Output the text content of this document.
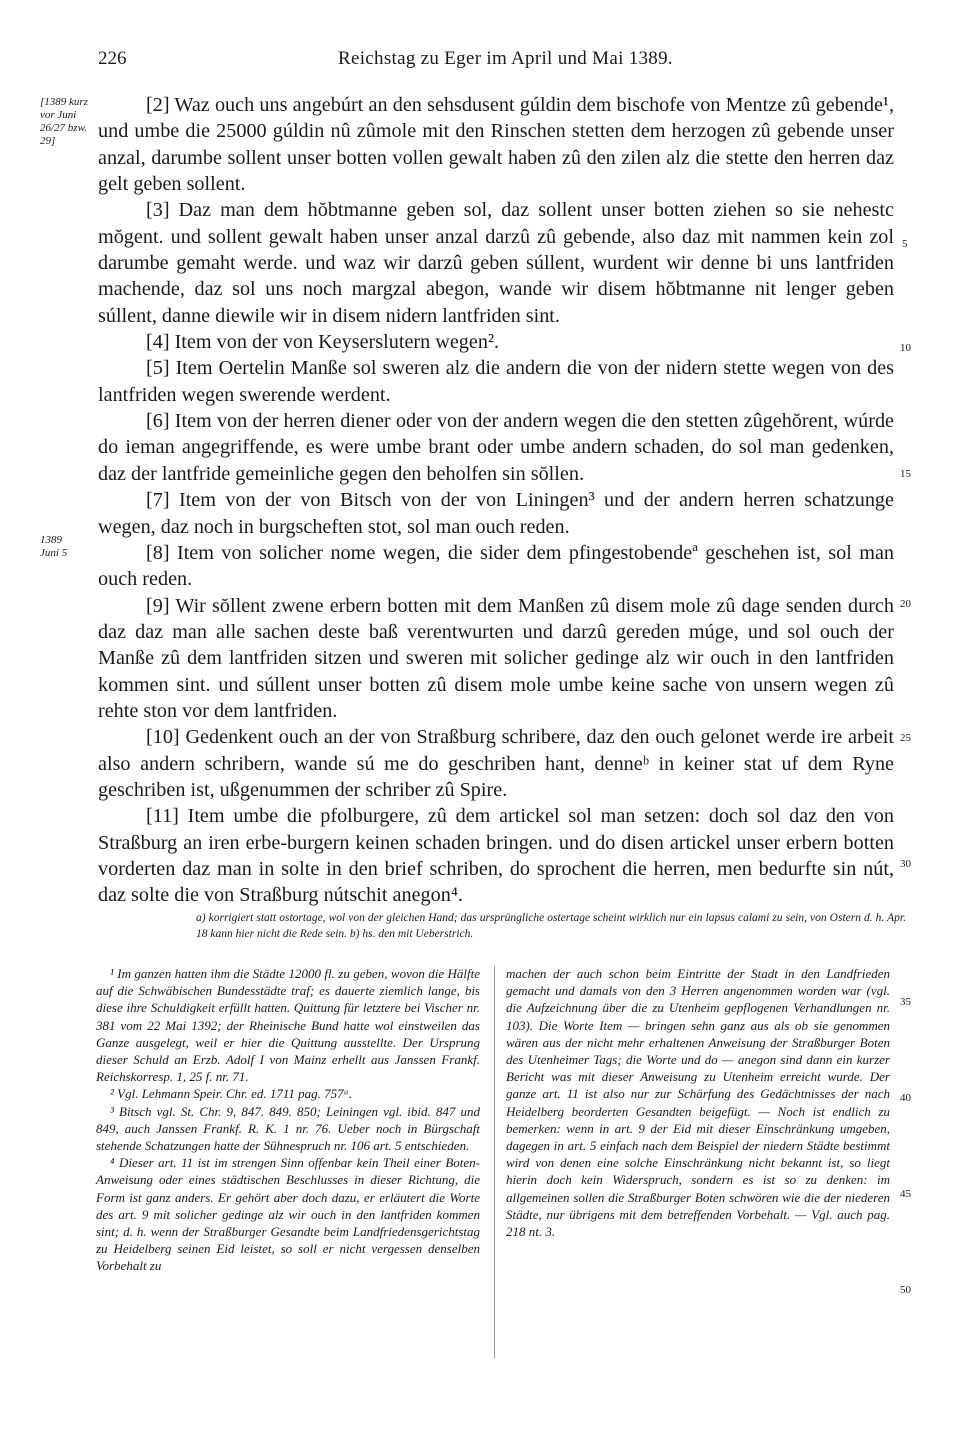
226	Reichstag zu Eger im April und Mai 1389.
[1389 kurz vor Juni 26/27 bzw. 29]
1389 Juni 5
5
10
15
20
25
30
35
40
45
50

[2] Waz ouch uns angebúrt an den sehsdusent gúldin dem bischofe von Mentze zû gebende¹, und umbe die 25000 gúldin nû zûmole mit den Rinschen stetten dem herzogen zû gebende unser anzal, darumbe sollent unser botten vollen gewalt haben zû den zilen alz die stette den herren daz gelt geben sollent.

[3] Daz man dem hŏbtmanne geben sol, daz sollent unser botten ziehen so sie nehestc mŏgent. und sollent gewalt haben unser anzal darzû zû gebende, also daz mit nammen kein zol darumbe gemaht werde. und waz wir darzû geben súllent, wurdent wir denne bi uns lantfriden machende, daz sol uns noch margzal abegon, wande wir disem hŏbtmanne nit lenger geben súllent, danne diewile wir in disem nidern lantfriden sint.

[4] Item von der von Keyserslutern wegen².

[5] Item Oertelin Manße sol sweren alz die andern die von der nidern stette wegen von des lantfriden wegen swerende werdent.

[6] Item von der herren diener oder von der andern wegen die den stetten zûgehŏrent, wúrde do ieman angegriffende, es were umbe brant oder umbe andern schaden, do sol man gedenken, daz der lantfride gemeinliche gegen den beholfen sin sŏllen.

[7] Item von der von Bitsch von der von Liningen³ und der andern herren schatzunge wegen, daz noch in burgscheften stot, sol man ouch reden.

[8] Item von solicher nome wegen, die sider dem pfingestobendeª geschehen ist, sol man ouch reden.

[9] Wir sŏllent zwene erbern botten mit dem Manßen zû disem mole zû dage senden durch daz daz man alle sachen deste baß verentwurten und darzû gereden múge, und sol ouch der Manße zû dem lantfriden sitzen und sweren mit solicher gedinge alz wir ouch in den lantfriden kommen sint. und súllent unser botten zû disem mole umbe keine sache von unsern wegen zû rehte ston vor dem lantfriden.

[10] Gedenkent ouch an der von Straßburg schribere, daz den ouch gelonet werde ire arbeit also andern schribern, wande sú me do geschriben hant, denneᵇ in keiner stat uf dem Ryne geschriben ist, ußgenummen der schriber zû Spire.

[11] Item umbe die pfolburgere, zû dem artickel sol man setzen: doch sol daz den von Straßburg an iren erbe-burgern keinen schaden bringen. und do disen artickel unser erbern botten vorderten daz man in solte in den brief schriben, do sprochent die herren, men bedurfte sin nút, daz solte die von Straßburg nútschit anegon⁴.

a) korrigiert statt ostortage, wol von der gleichen Hand; das ursprüngliche ostertage scheint wirklich nur ein lapsus calami zu sein, von Ostern d. h. Apr. 18 kann hier nicht die Rede sein. b) hs. den mit Ueberstrich.

¹ Im ganzen hatten ihm die Städte 12000 fl. zu geben, wovon die Hälfte auf die Schwäbischen Bundesstädte traf; es dauerte ziemlich lange, bis diese ihre Schuldigkeit erfüllt hatten. Quittung für letztere bei Vischer nr. 381 vom 22 Mai 1392; der Rheinische Bund hatte wol einstweilen das Ganze ausgelegt, weil er hier die Quittung ausstellte. Der Ursprung dieser Schuld an Erzb. Adolf I von Mainz erhellt aus Janssen Frankf. Reichskorresp. 1, 25 f. nr. 71.

² Vgl. Lehmann Speir. Chr. ed. 1711 pag. 757ᵃ.

³ Bitsch vgl. St. Chr. 9, 847. 849. 850; Leiningen vgl. ibid. 847 und 849, auch Janssen Frankf. R. K. 1 nr. 76. Ueber noch in Bürgschaft stehende Schatzungen hatte der Sühnespruch nr. 106 art. 5 entschieden.

⁴ Dieser art. 11 ist im strengen Sinn offenbar kein Theil einer Boten-Anweisung oder eines städtischen Beschlusses in dieser Richtung, die Form ist ganz anders. Er gehört aber doch dazu, er erläutert die Worte des art. 9 mit solicher gedinge alz wir ouch in den lantfriden kommen sint; d. h. wenn der Straßburger Gesandte beim Landfriedensgerichtstag zu Heidelberg seinen Eid leistet, so soll er nicht vergessen denselben Vorbehalt zu

machen der auch schon beim Eintritte der Stadt in den Landfrieden gemacht und damals von den 3 Herren angenommen worden war (vgl. die Aufzeichnung über die zu Utenheim gepflogenen Verhandlungen nr. 103). Die Worte Item — bringen sehn ganz aus als ob sie genommen wären aus der nicht mehr erhaltenen Anweisung der Straßburger Boten des Utenheimer Tags; die Worte und do — anegon sind dann ein kurzer Bericht was mit dieser Anweisung zu Utenheim erreicht wurde. Der ganze art. 11 ist also nur zur Schärfung des Gedächtnisses der nach Heidelberg beorderten Gesandten beigefügt. — Noch ist endlich zu bemerken: wenn in art. 9 der Eid mit dieser Einschränkung umgeben, dagegen in art. 5 einfach nach dem Beispiel der niedern Städte bestimmt wird von denen eine solche Einschränkung nicht bekannt ist, so liegt hierin doch kein Widerspruch, sondern es ist so zu denken: im allgemeinen sollen die Straßburger Boten schwören wie die der niederen Städte, nur übrigens mit dem betreffenden Vorbehalt. — Vgl. auch pag. 218 nt. 3.
